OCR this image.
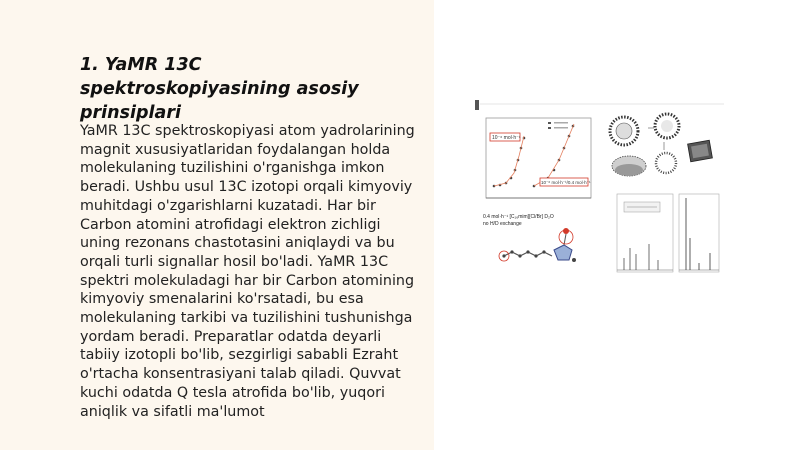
1. YaMR 13C spektroskopiyasining asosiy prinsiplari

YaMR 13C spektroskopiyasi atom yadrolarining magnit xususiyatlaridan foydalangan holda molekulaning tuzilishini o'rganishga imkon beradi. Ushbu usul 13C izotopi orqali kimyoviy muhitdagi o'zgarishlarni kuzatadi. Har bir Carbon atomini atrofidagi elektron zichligi uning rezonans chastotasini aniqlaydi va bu orqali turli signallar hosil bo'ladi. YaMR 13C spektri molekuladagi har bir Carbon atomining kimyoviy smenalarini ko'rsatadi, bu esa molekulaning tarkibi va tuzilishini tushunishga yordam beradi. Preparatlar odatda deyarli tabiiy izotopli bo'lib, sezgirligi sababli Ezraht o'rtacha konsentrasiyani talab qiladi. Quvvat kuchi odatda Q tesla atrofida bo'lib, yuqori aniqlik va sifatli ma'lumot

10⁻⁶ mol·h⁻¹
10⁻⁶ mol·h⁻¹/0.4 mol·h⁻¹
0.4 mol·h⁻¹ [C₁₆mim][Cl/Br] D₂O
no H/D exchange
